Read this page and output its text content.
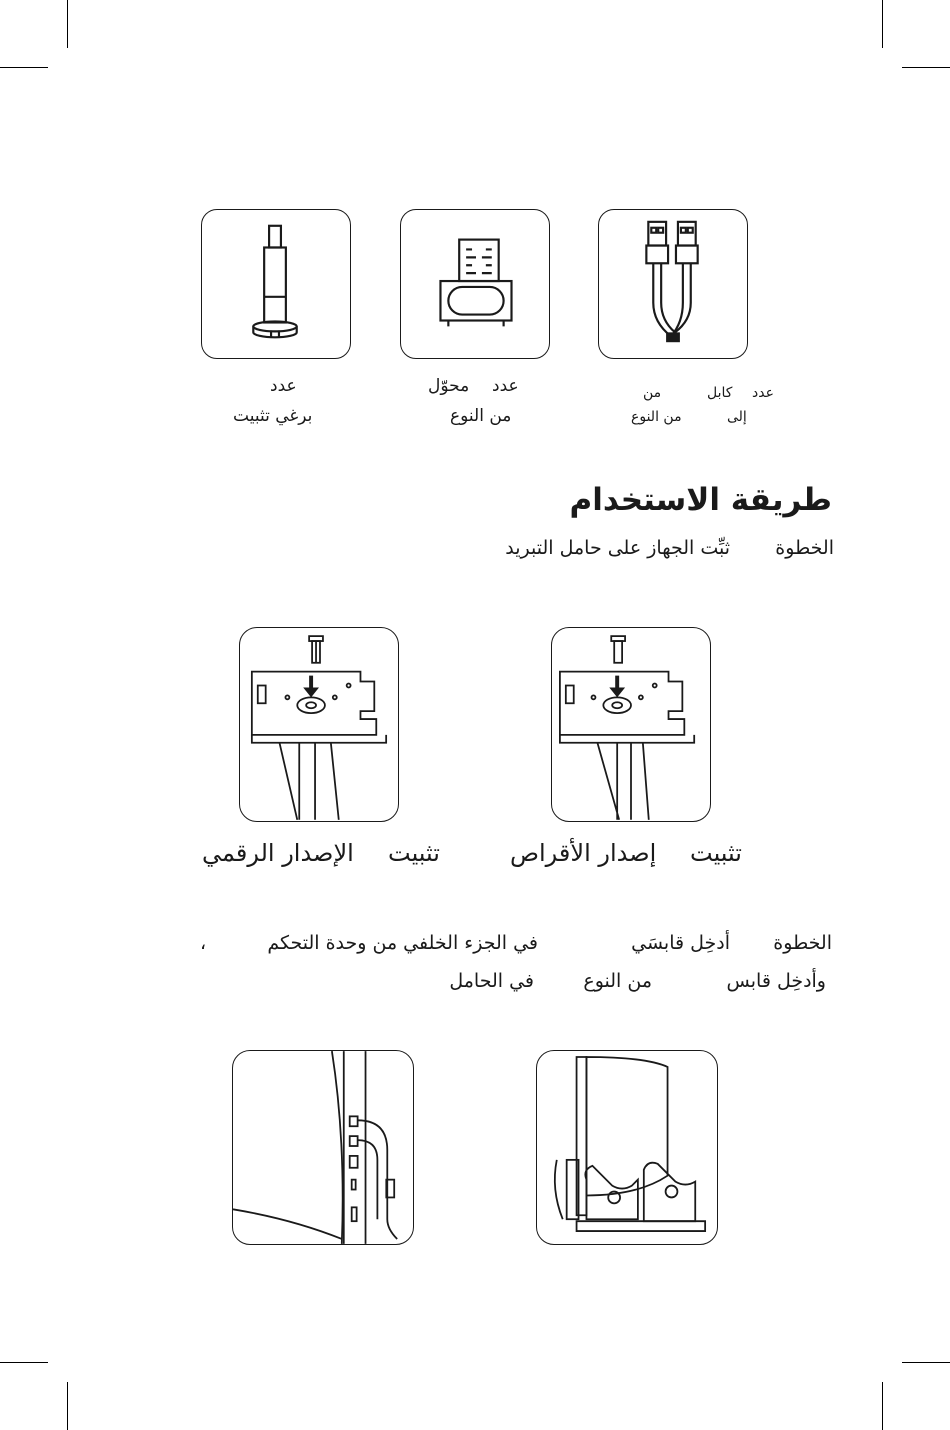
عدد
برغي تثبيت
محوّل عدد
من النوع
من	كابل عدد
من النوع	إلى
طريقة الاستخدام
الخطوة
ثبِّت الجهاز على حامل التبريد
الإصدار الرقمي تثبيت	إصدار الأقراص تثبيت
الخطوة
أدخِل قابسَي
في الجزء الخلفي من وحدة التحكم
،
وأدخِل قابس
من النوع
في الحامل
